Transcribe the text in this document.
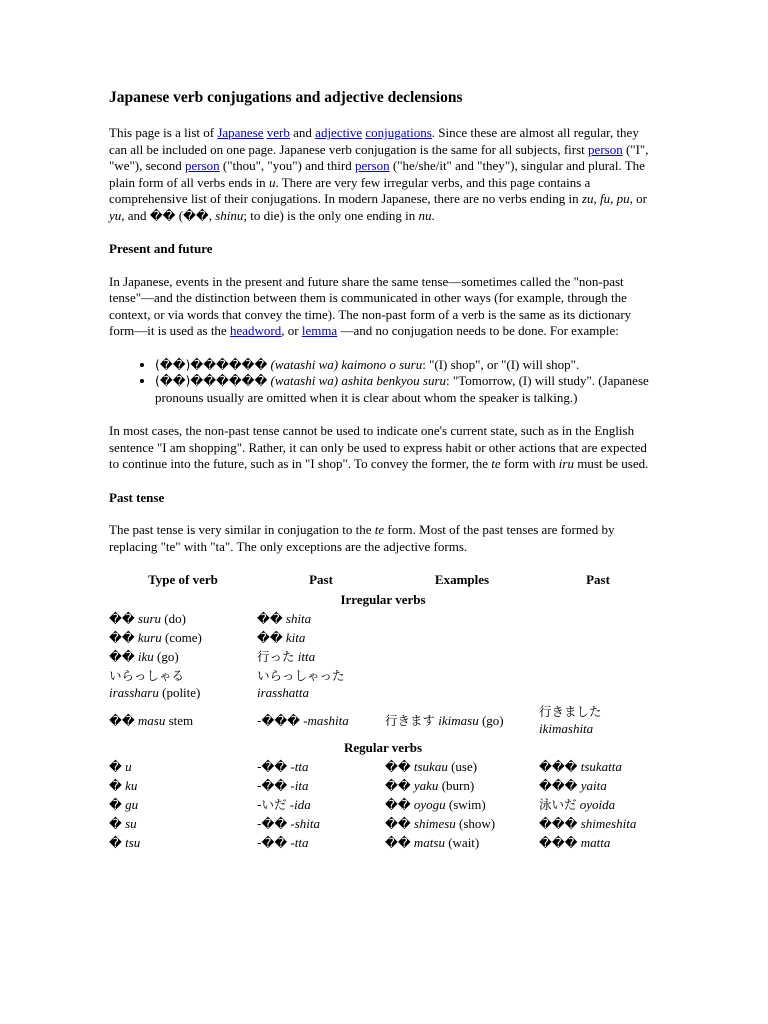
Japanese verb conjugations and adjective declensions

This page is a list of Japanese verb and adjective conjugations. Since these are almost all regular, they can all be included on one page. Japanese verb conjugation is the same for all subjects, first person ("I", "we"), second person ("thou", "you") and third person ("he/she/it" and "they"), singular and plural. The plain form of all verbs ends in u. There are very few irregular verbs, and this page contains a comprehensive list of their conjugations. In modern Japanese, there are no verbs ending in zu, fu, pu, or yu, and �� (��, shinu; to die) is the only one ending in nu.

Present and future

In Japanese, events in the present and future share the same tense—sometimes called the "non-past tense"—and the distinction between them is communicated in other ways (for example, through the context, or via words that convey the time). The non-past form of a verb is the same as its dictionary form—it is used as the headword, or lemma —and no conjugation needs to be done. For example:

• (��)������ (watashi wa) kaimono o suru: "(I) shop", or "(I) will shop".
• (��)������ (watashi wa) ashita benkyou suru: "Tomorrow, (I) will study". (Japanese pronouns usually are omitted when it is clear about whom the speaker is talking.)

In most cases, the non-past tense cannot be used to indicate one's current state, such as in the English sentence "I am shopping". Rather, it can only be used to express habit or other actions that are expected to continue into the future, such as in "I shop". To convey the former, the te form with iru must be used.

Past tense

The past tense is very similar in conjugation to the te form. Most of the past tenses are formed by replacing "te" with "ta". The only exceptions are the adjective forms.

Type of verb	Past	Examples	Past
Irregular verbs			
�� suru (do)	�� shita		
�� kuru (come)	�� kita		
�� iku (go)	行った itta		
いらっしゃる
irassharu (polite)	いらっしゃった
irasshatta		
�� masu stem	-��� -mashita	行きます ikimasu (go)	行きました
ikimashita
Regular verbs			
� u	-�� -tta	�� tsukau (use)	��� tsukatta
� ku	-�� -ita	�� yaku (burn)	��� yaita
� gu	-いだ -ida	�� oyogu (swim)	泳いだ oyoida
� su	-�� -shita	�� shimesu (show)	��� shimeshita
� tsu	-�� -tta	�� matsu (wait)	��� matta
